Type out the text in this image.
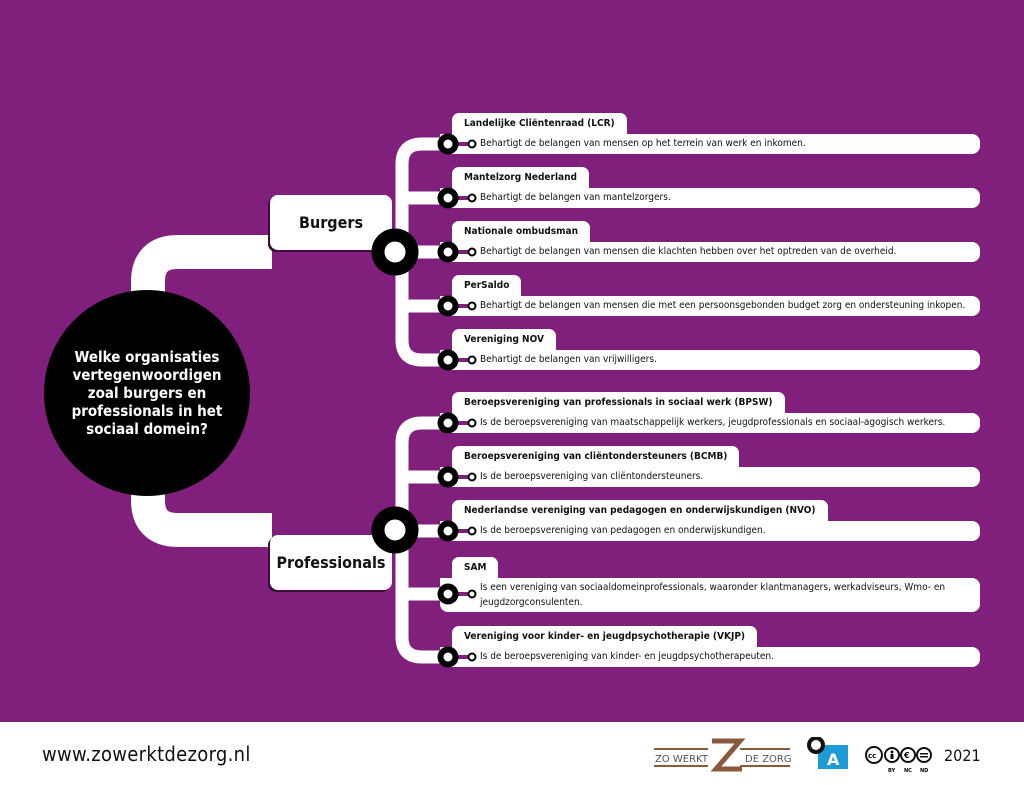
Welke organisaties vertegenwoordigen zoal burgers en professionals in het sociaal domein?
Burgers
Professionals
Landelijke Cliëntenraad (LCR)
Behartigt de belangen van mensen op het terrein van werk en inkomen.
Mantelzorg Nederland
Behartigt de belangen van mantelzorgers.
Nationale ombudsman
Behartigt de belangen van mensen die klachten hebben over het optreden van de overheid.
PerSaldo
Behartigt de belangen van mensen die met een persoonsgebonden budget zorg en ondersteuning inkopen.
Vereniging NOV
Behartigt de belangen van vrijwilligers.
Beroepsvereniging van professionals in sociaal werk (BPSW)
Is de beroepsvereniging van maatschappelijk werkers, jeugdprofessionals en sociaal-agogisch werkers.
Beroepsvereniging van cliëntondersteuners (BCMB)
Is de beroepsvereniging van cliëntondersteuners.
Nederlandse vereniging van pedagogen en onderwijskundigen (NVO)
Is de beroepsvereniging van pedagogen en onderwijskundigen.
SAM
Is een vereniging van sociaaldomeinprofessionals, waaronder klantmanagers, werkadviseurs, Wmo- en jeugdzorgconsulenten.
Vereniging voor kinder- en jeugdpsychotherapie (VKJP)
Is de beroepsvereniging van kinder- en jeugdpsychotherapeuten.
www.zowerktdezorg.nl	ZO WERKT	DE ZORG A	cc	€
BY NC ND
2021
